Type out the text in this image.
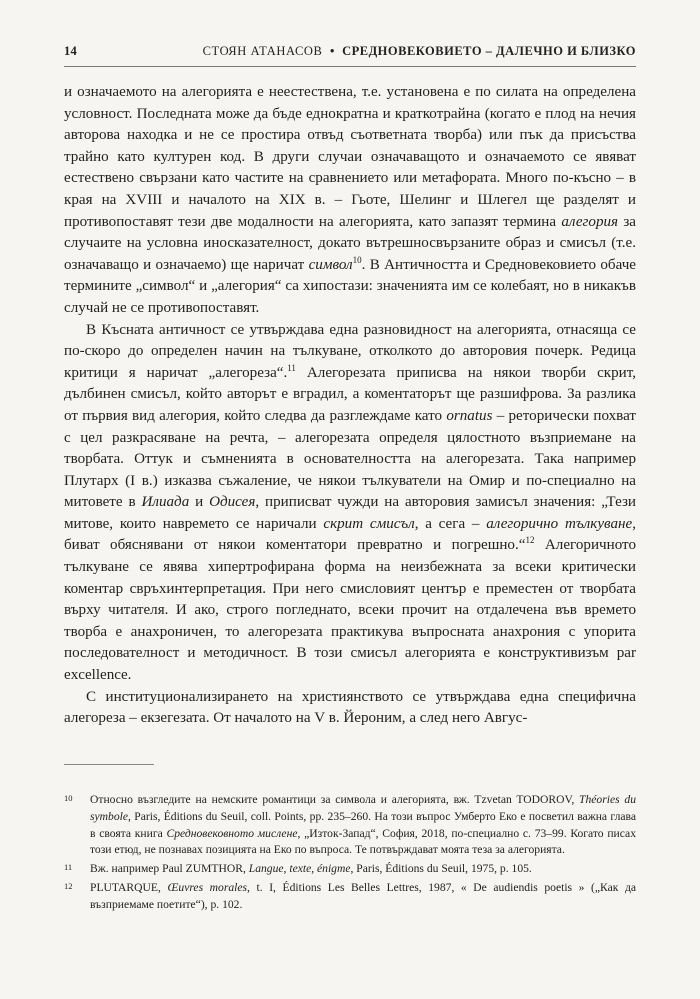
14	СТОЯН АТАНАСОВ • СРЕДНОВЕКОВИЕТО – ДАЛЕЧНО И БЛИЗКО

и означаемото на алегорията е неестествена, т.е. установена е по силата на определена условност. Последната може да бъде еднократна и краткотрайна (когато е плод на нечия авторова находка и не се простира отвъд съответната творба) или пък да присъства трайно като културен код. В други случаи означаващото и означаемото се явяват естествено свързани като частите на сравнението или метафората. Много по-късно – в края на XVIII и началото на XIX в. – Гьоте, Шелинг и Шлегел ще разделят и противопоставят тези две модалности на алегорията, като запазят термина алегория за случаите на условна иносказателност, докато вътрешносвързаните образ и смисъл (т.е. означаващо и означаемо) ще наричат символ$^{10}$. В Античността и Средновековието обаче термините „символ“ и „алегория“ са хипостази: значенията им се колебаят, но в никакъв случай не се противопоставят.

В Късната античност се утвърждава една разновидност на алегорията, отнасяща се по-скоро до определен начин на тълкуване, отколкото до авторовия почерк. Редица критици я наричат „алегореза“.$^{11}$ Алегорезата приписва на някои творби скрит, дълбинен смисъл, който авторът е вградил, а коментаторът ще разшифрова. За разлика от първия вид алегория, който следва да разглеждаме като ornatus – реторически похват с цел разкрасяване на речта, – алегорезата определя цялостното възприемане на творбата. Оттук и съмненията в основателността на алегорезата. Така например Плутарх (I в.) изказва съжаление, че някои тълкуватели на Омир и по-специално на митовете в Илиада и Одисея, приписват чужди на авторовия замисъл значения: „Тези митове, които навремето се наричали скрит смисъл, а сега – алегорично тълкуване, биват обяснявани от някои коментатори превратно и погрешно.“$^{12}$ Алегоричното тълкуване се явява хипертрофирана форма на неизбежната за всеки критически коментар свръхинтерпретация. При него смисловият център е преместен от творбата върху читателя. И ако, строго погледнато, всеки прочит на отдалечена във времето творба е анахроничен, то алегорезата практикува въпросната анахрония с упорита последователност и методичност. В този смисъл алегорията е конструктивизъм par excellence.

С институционализирането на християнството се утвърждава една специфична алегореза – екзегезата. От началото на V в. Йероним, а след него Авгус-

10 Относно възгледите на немските романтици за символа и алегорията, вж. Tzvetan TODOROV, Théories du symbole, Paris, Éditions du Seuil, coll. Points, pp. 235–260. На този въпрос Умберто Еко е посветил важна глава в своята книга Средновековното мислене, „Изток-Запад“, София, 2018, по-специално с. 73–99. Когато писах този етюд, не познавах позицията на Еко по въпроса. Те потвърждават моята теза за алегорията.
11 Вж. например Paul ZUMTHOR, Langue, texte, énigme, Paris, Éditions du Seuil, 1975, p. 105.
12 PLUTARQUE, Œuvres morales, t. I, Éditions Les Belles Lettres, 1987, « De audiendis poetis » („Как да възприемаме поетите“), p. 102.
